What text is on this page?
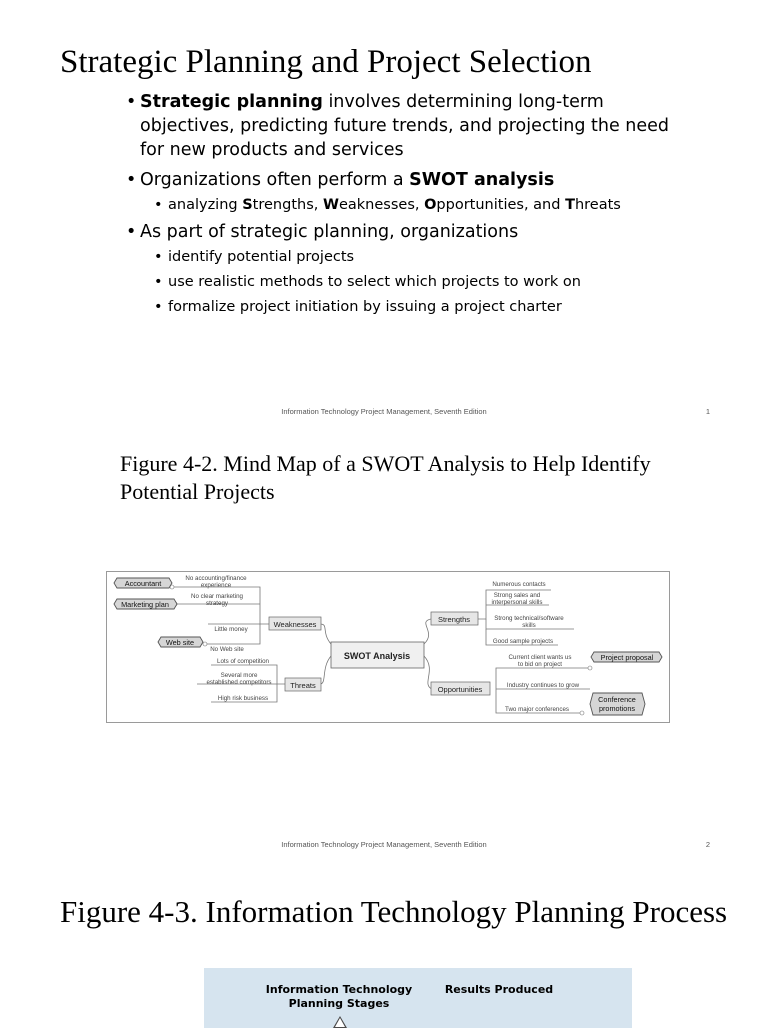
Strategic Planning and Project Selection
• Strategic planning involves determining long-term objectives, predicting future trends, and projecting the need for new products and services
• Organizations often perform a SWOT analysis
• analyzing Strengths, Weaknesses, Opportunities, and Threats
• As part of strategic planning, organizations
• identify potential projects
• use realistic methods to select which projects to work on
• formalize project initiation by issuing a project charter
Information Technology Project Management, Seventh Edition	1
Figure 4-2. Mind Map of a SWOT Analysis to Help Identify Potential Projects
SWOT Analysis
Weaknesses
Threats
Strengths
Opportunities
No accounting/finance
experience
No clear marketing
strategy
Little money
No Web site
Lots of competition
Several more
established competitors
High risk business
Numerous contacts
Strong sales and
interpersonal skills
Strong technical/software
skills
Good sample projects
Current client wants us
to bid on project
Industry continues to grow
Two major conferences
Accountant
Marketing plan
Web site
Project proposal
Conference
promotions
Information Technology Project Management, Seventh Edition	2
Figure 4-3. Information Technology Planning Process
Information Technology
Planning Stages
Results Produced
